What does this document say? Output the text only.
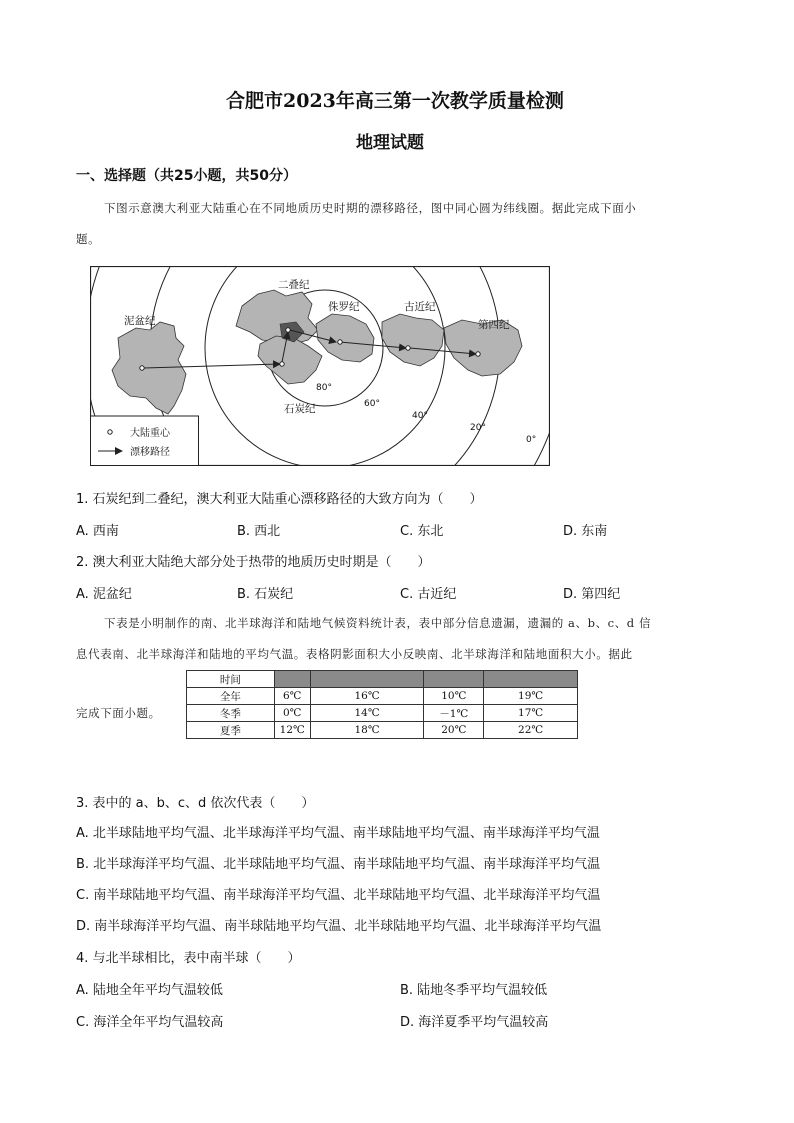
合肥市2023年高三第一次教学质量检测
地理试题
一、选择题（共25小题，共50分）
下图示意澳大利亚大陆重心在不同地质历史时期的漂移路径，图中同心圆为纬线圈。据此完成下面小
题。
泥盆纪
二叠纪
侏罗纪	古近纪
第四纪
石炭纪
80°
60°
40°
20°
0°
大陆重心
漂移路径
1. 石炭纪到二叠纪，澳大利亚大陆重心漂移路径的大致方向为（　　）
A. 西南	B. 西北	C. 东北	D. 东南
2. 澳大利亚大陆绝大部分处于热带的地质历史时期是（　　）
A. 泥盆纪	B. 石炭纪	C. 古近纪	D. 第四纪
下表是小明制作的南、北半球海洋和陆地气候资料统计表，表中部分信息遗漏，遗漏的 a、b、c、d 信
息代表南、北半球海洋和陆地的平均气温。表格阴影面积大小反映南、北半球海洋和陆地面积大小。据此
完成下面小题。
时间				
全年	6℃	16℃	10℃	19℃
冬季	0℃	14℃	－1℃	17℃
夏季	12℃	18℃	20℃	22℃
3. 表中的 a、b、c、d 依次代表（　　）
A. 北半球陆地平均气温、北半球海洋平均气温、南半球陆地平均气温、南半球海洋平均气温
B. 北半球海洋平均气温、北半球陆地平均气温、南半球陆地平均气温、南半球海洋平均气温
C. 南半球陆地平均气温、南半球海洋平均气温、北半球陆地平均气温、北半球海洋平均气温
D. 南半球海洋平均气温、南半球陆地平均气温、北半球陆地平均气温、北半球海洋平均气温
4. 与北半球相比，表中南半球（　　）
A. 陆地全年平均气温较低	B. 陆地冬季平均气温较低
C. 海洋全年平均气温较高	D. 海洋夏季平均气温较高
